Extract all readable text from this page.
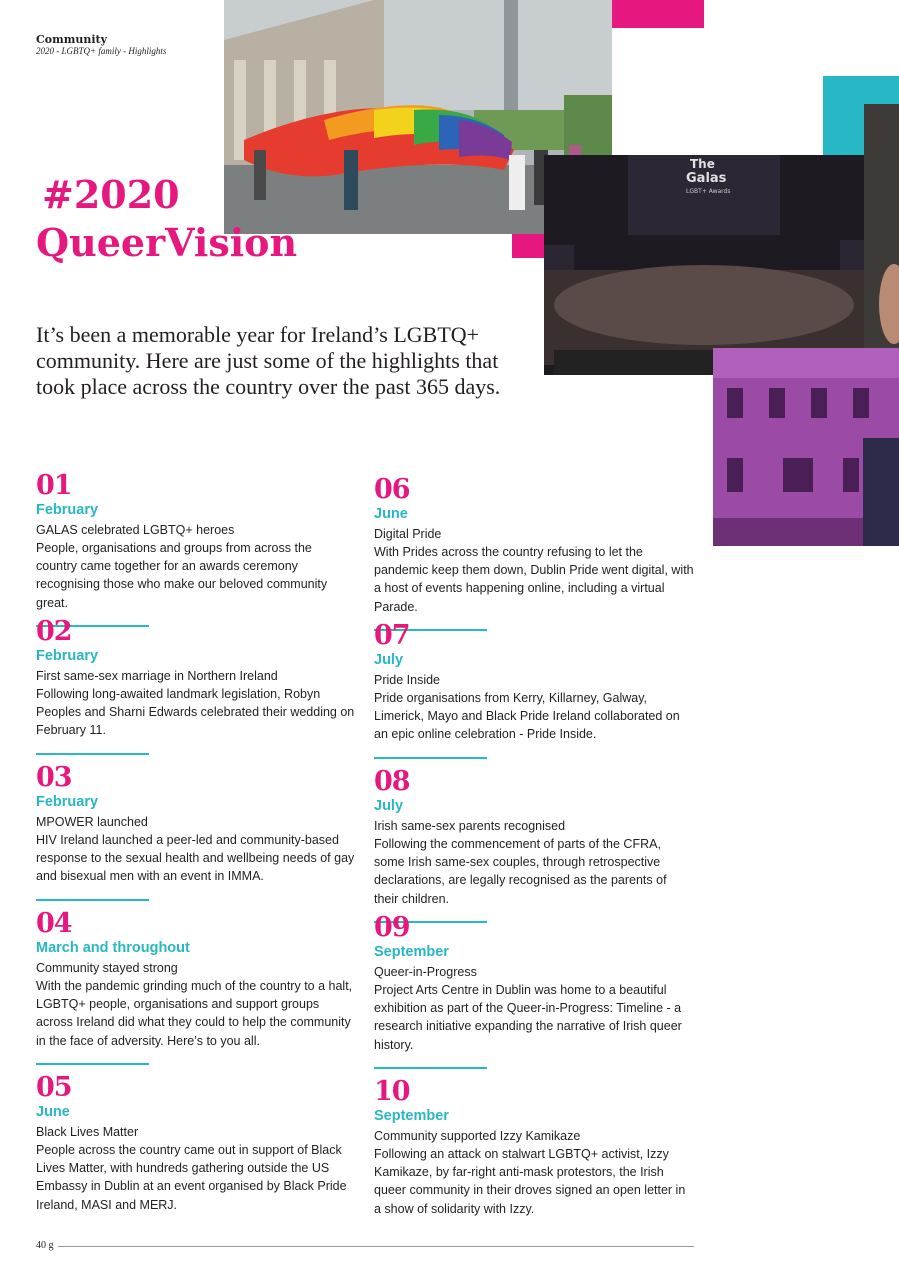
Community
2020 - LGBTQ+ family - Highlights
The
Galas
LGBT+ Awards
#2020
QueerVision
It’s been a memorable year for Ireland’s LGBTQ+ community. Here are just some of the highlights that took place across the country over the past 365 days.
01
February
GALAS celebrated LGBTQ+ heroes
People, organisations and groups from across the country came together for an awards ceremony recognising those who make our beloved community great.
02
February
First same-sex marriage in Northern Ireland
Following long-awaited landmark legislation, Robyn Peoples and Sharni Edwards celebrated their wedding on February 11.
03
February
MPOWER launched
HIV Ireland launched a peer-led and community-based response to the sexual health and wellbeing needs of gay and bisexual men with an event in IMMA.
04
March and throughout
Community stayed strong
With the pandemic grinding much of the country to a halt, LGBTQ+ people, organisations and support groups across Ireland did what they could to help the community in the face of adversity. Here’s to you all.
05
June
Black Lives Matter
People across the country came out in support of Black Lives Matter, with hundreds gathering outside the US Embassy in Dublin at an event organised by Black Pride Ireland, MASI and MERJ.
06
June
Digital Pride
With Prides across the country refusing to let the pandemic keep them down, Dublin Pride went digital, with a host of events happening online, including a virtual Parade.
07
July
Pride Inside
Pride organisations from Kerry, Killarney, Galway, Limerick, Mayo and Black Pride Ireland collaborated on an epic online celebration - Pride Inside.
08
July
Irish same-sex parents recognised
Following the commencement of parts of the CFRA, some Irish same-sex couples, through retrospective declarations, are legally recognised as the parents of their children.
09
September
Queer-in-Progress
Project Arts Centre in Dublin was home to a beautiful exhibition as part of the Queer-in-Progress: Timeline - a research initiative expanding the narrative of Irish queer history.
10
September
Community supported Izzy Kamikaze
Following an attack on stalwart LGBTQ+ activist, Izzy Kamikaze, by far-right anti-mask protestors, the Irish queer community in their droves signed an open letter in a show of solidarity with Izzy.
40 g
